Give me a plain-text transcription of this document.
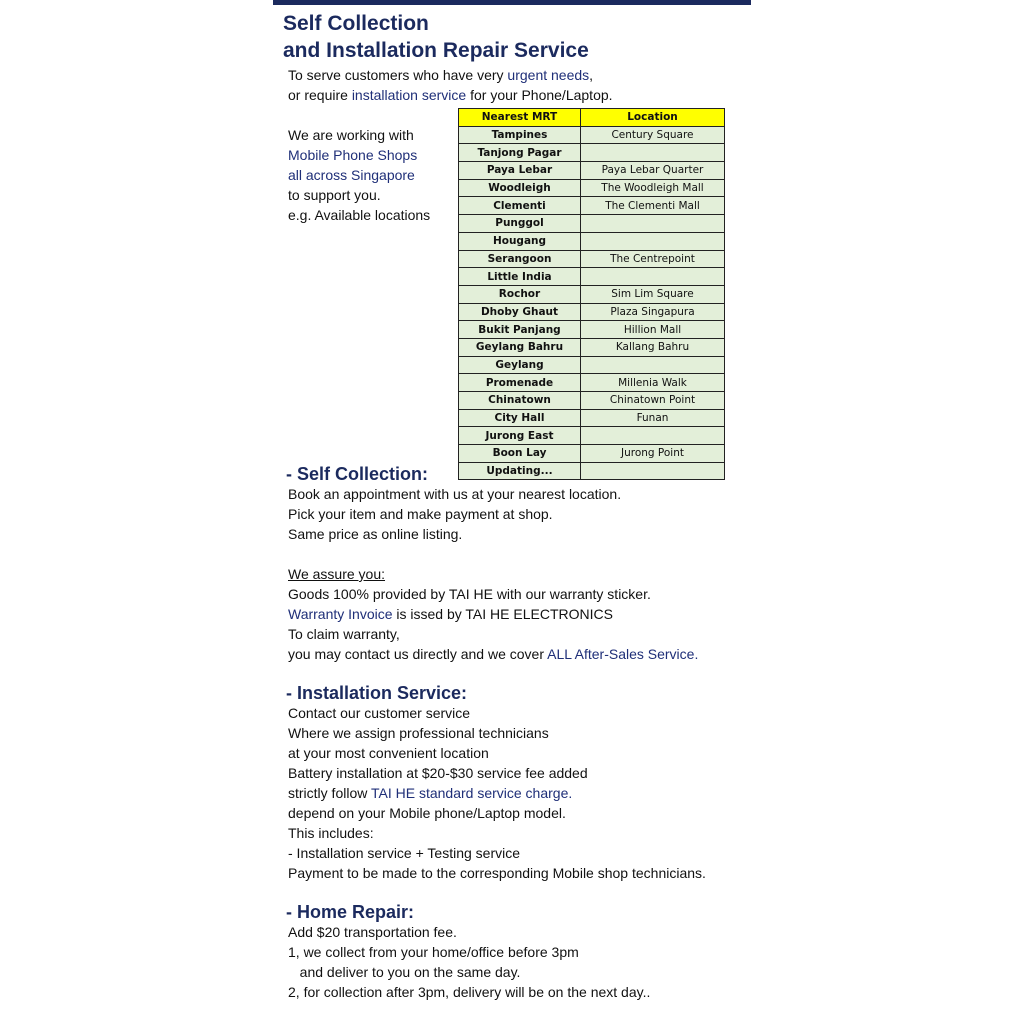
Self Collection
and Installation Repair Service
To serve customers who have very urgent needs,
or require installation service for your Phone/Laptop.
We are working with
Mobile Phone Shops
all across Singapore
to support you.
e.g. Available locations
Nearest MRT	Location
Tampines	Century Square
Tanjong Pagar	
Paya Lebar	Paya Lebar Quarter
Woodleigh	The Woodleigh Mall
Clementi	The Clementi Mall
Punggol	
Hougang	
Serangoon	The Centrepoint
Little India	
Rochor	Sim Lim Square
Dhoby Ghaut	Plaza Singapura
Bukit Panjang	Hillion Mall
Geylang Bahru	Kallang Bahru
Geylang	
Promenade	Millenia Walk
Chinatown	Chinatown Point
City Hall	Funan
Jurong East	
Boon Lay	Jurong Point
Updating...	
- Self Collection:
Book an appointment with us at your nearest location.
Pick your item and make payment at shop.
Same price as online listing.
We assure you:
Goods 100% provided by TAI HE with our warranty sticker.
Warranty Invoice is issed by TAI HE ELECTRONICS
To claim warranty,
you may contact us directly and we cover ALL After-Sales Service.
- Installation Service:
Contact our customer service
Where we assign professional technicians
at your most convenient location
Battery installation at $20-$30 service fee added
strictly follow TAI HE standard service charge.
depend on your Mobile phone/Laptop model.
This includes:
- Installation service + Testing service
Payment to be made to the corresponding Mobile shop technicians.
- Home Repair:
Add $20 transportation fee.
1, we collect from your home/office before 3pm
and deliver to you on the same day.
2, for collection after 3pm, delivery will be on the next day..
